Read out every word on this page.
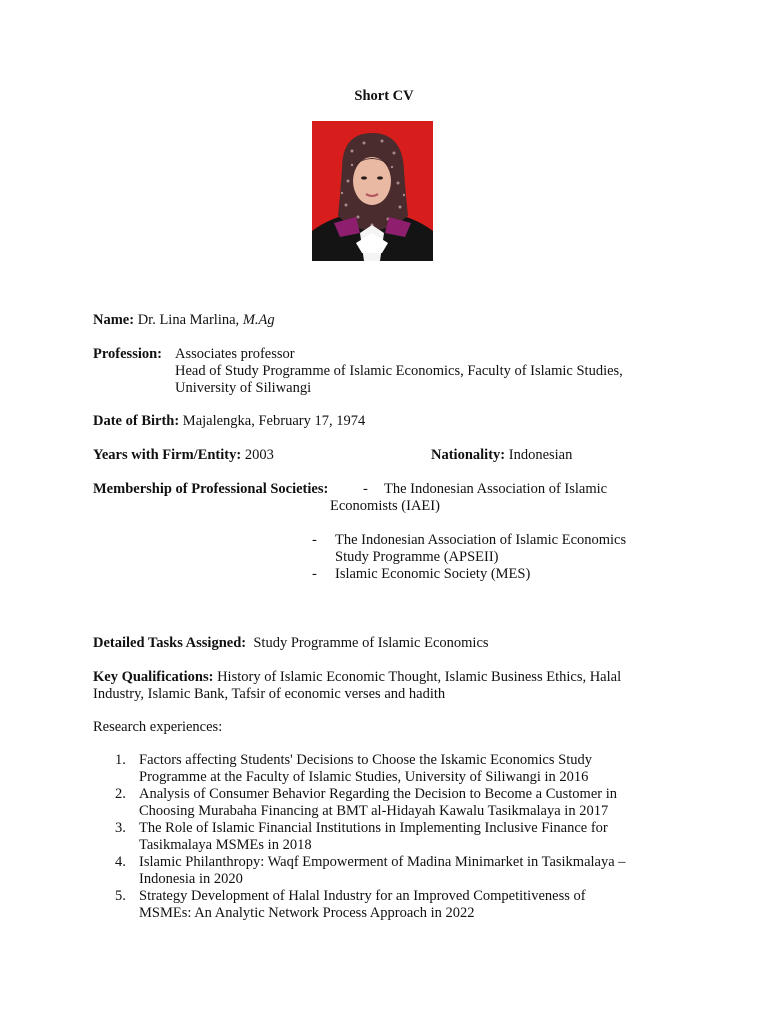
Short CV
Name: Dr. Lina Marlina, M.Ag
Profession: Associates professor
Head of Study Programme of Islamic Economics, Faculty of Islamic Studies,
University of Siliwangi
Date of Birth: Majalengka, February 17, 1974
Years with Firm/Entity: 2003	Nationality: Indonesian
Membership of Professional Societies: - The Indonesian Association of Islamic
Economists (IAEI)
- The Indonesian Association of Islamic Economics
Study Programme (APSEII)
- Islamic Economic Society (MES)
Detailed Tasks Assigned: Study Programme of Islamic Economics
Key Qualifications: History of Islamic Economic Thought, Islamic Business Ethics, Halal
Industry, Islamic Bank, Tafsir of economic verses and hadith
Research experiences:
1. Factors affecting Students' Decisions to Choose the Iskamic Economics Study
Programme at the Faculty of Islamic Studies, University of Siliwangi in 2016
2. Analysis of Consumer Behavior Regarding the Decision to Become a Customer in
Choosing Murabaha Financing at BMT al-Hidayah Kawalu Tasikmalaya in 2017
3. The Role of Islamic Financial Institutions in Implementing Inclusive Finance for
Tasikmalaya MSMEs in 2018
4. Islamic Philanthropy: Waqf Empowerment of Madina Minimarket in Tasikmalaya –
Indonesia in 2020
5. Strategy Development of Halal Industry for an Improved Competitiveness of
MSMEs: An Analytic Network Process Approach in 2022
